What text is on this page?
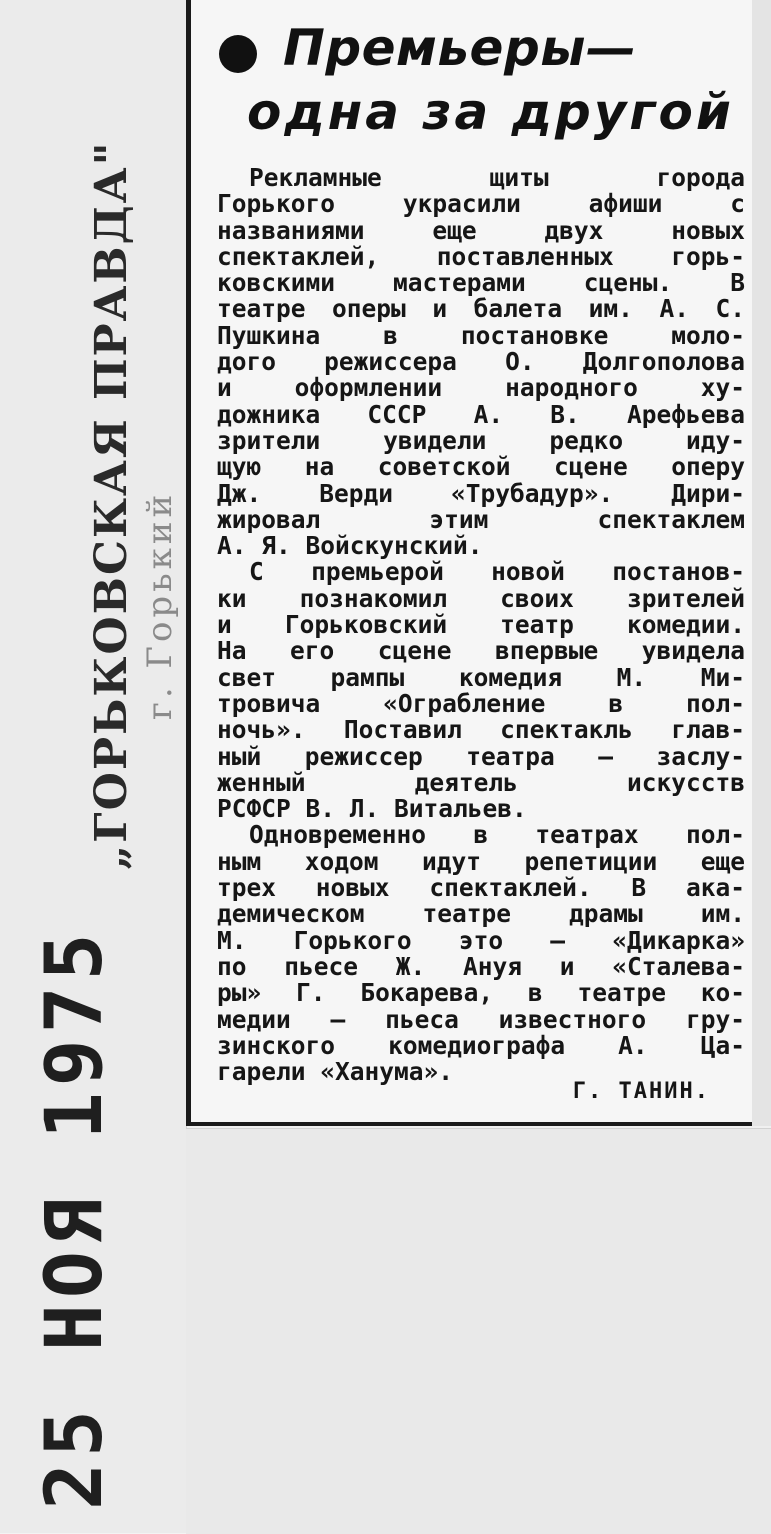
Премьеры—
одна за другой
Рекламные щиты города
Горького украсили афиши с
названиями еще двух новых
спектаклей, поставленных горь-
ковскими мастерами сцены. В
театре оперы и балета им. А. С.
Пушкина в постановке моло-
дого режиссера О. Долгополова
и оформлении народного ху-
дожника СССР А. В. Арефьева
зрители увидели редко иду-
щую на советской сцене оперу
Дж. Верди «Трубадур». Дири-
жировал этим спектаклем
А. Я. Войскунский.
С премьерой новой постанов-
ки познакомил своих зрителей
и Горьковский театр комедии.
На его сцене впервые увидела
свет рампы комедия М. Ми-
тровича «Ограбление в пол-
ночь». Поставил спектакль глав-
ный режиссер театра — заслу-
женный деятель искусств
РСФСР В. Л. Витальев.
Одновременно в театрах пол-
ным ходом идут репетиции еще
трех новых спектаклей. В ака-
демическом театре драмы им.
М. Горького это — «Дикарка»
по пьесе Ж. Ануя и «Сталева-
ры» Г. Бокарева, в театре ко-
медии — пьеса известного гру-
зинского комедиографа А. Ца-
гарели «Ханума».
Г. ТАНИН.
„ГОРЬКОВСКАЯ ПРАВДА" г. Горький
25 НОЯ 1975
